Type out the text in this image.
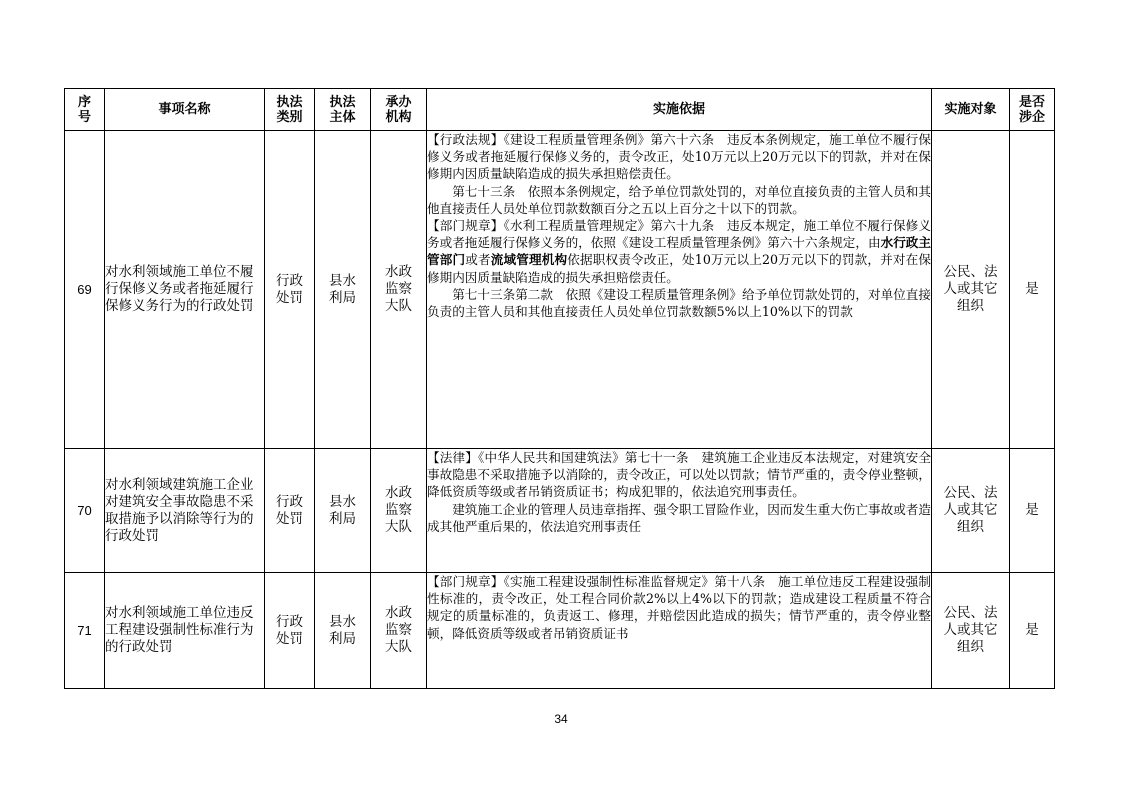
序号	事项名称	执法类别	执法主体	承办机构	实施依据	实施对象	是否涉企

69	对水利领域施工单位不履行保修义务或者拖延履行保修义务行为的行政处罚	行政处罚	县水利局	水政监察大队	【行政法规】《建设工程质量管理条例》第六十六条　违反本条例规定，施工单位不履行保修义务或者拖延履行保修义务的，责令改正，处10万元以上20万元以下的罚款，并对在保修期内因质量缺陷造成的损失承担赔偿责任。

第七十三条　依照本条例规定，给予单位罚款处罚的，对单位直接负责的主管人员和其他直接责任人员处单位罚款数额百分之五以上百分之十以下的罚款。

【部门规章】《水利工程质量管理规定》第六十九条　违反本规定，施工单位不履行保修义务或者拖延履行保修义务的，依照《建设工程质量管理条例》第六十六条规定，由水行政主管部门或者流域管理机构依据职权责令改正，处10万元以上20万元以下的罚款，并对在保修期内因质量缺陷造成的损失承担赔偿责任。

第七十三条第二款　依照《建设工程质量管理条例》给予单位罚款处罚的，对单位直接负责的主管人员和其他直接责任人员处单位罚款数额5%以上10%以下的罚款	公民、法人或其它组织	是
70	对水利领域建筑施工企业对建筑安全事故隐患不采取措施予以消除等行为的行政处罚	行政处罚	县水利局	水政监察大队	【法律】《中华人民共和国建筑法》第七十一条　建筑施工企业违反本法规定，对建筑安全事故隐患不采取措施予以消除的，责令改正，可以处以罚款；情节严重的，责令停业整顿，降低资质等级或者吊销资质证书；构成犯罪的，依法追究刑事责任。

建筑施工企业的管理人员违章指挥、强令职工冒险作业，因而发生重大伤亡事故或者造成其他严重后果的，依法追究刑事责任	公民、法人或其它组织	是
71	对水利领域施工单位违反工程建设强制性标准行为的行政处罚	行政处罚	县水利局	水政监察大队	【部门规章】《实施工程建设强制性标准监督规定》第十八条　施工单位违反工程建设强制性标准的，责令改正，处工程合同价款2%以上4%以下的罚款；造成建设工程质量不符合规定的质量标准的，负责返工、修理，并赔偿因此造成的损失；情节严重的，责令停业整顿，降低资质等级或者吊销资质证书	公民、法人或其它组织	是
34
